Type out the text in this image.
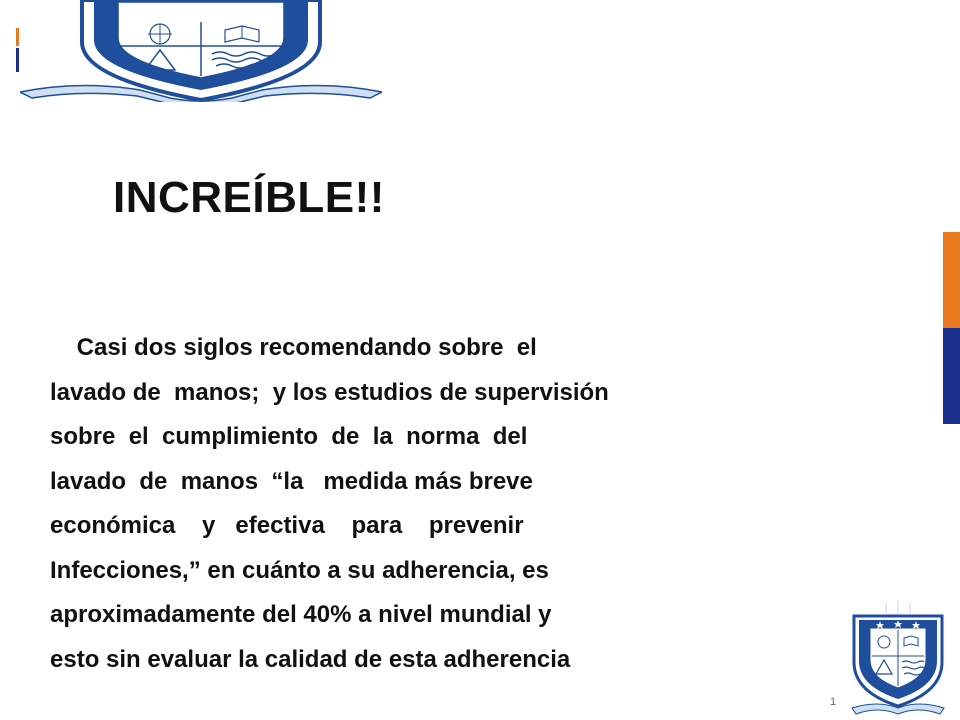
INCREÍBLE!!

Casi dos siglos recomendando sobre  el
lavado de  manos;  y los estudios de supervisión
sobre  el  cumplimiento  de  la  norma  del
lavado  de  manos  “la   medida más breve
económica    y   efectiva    para    prevenir
Infecciones,” en cuánto a su adherencia, es
aproximadamente del 40% a nivel mundial y
esto sin evaluar la calidad de esta adherencia

1
